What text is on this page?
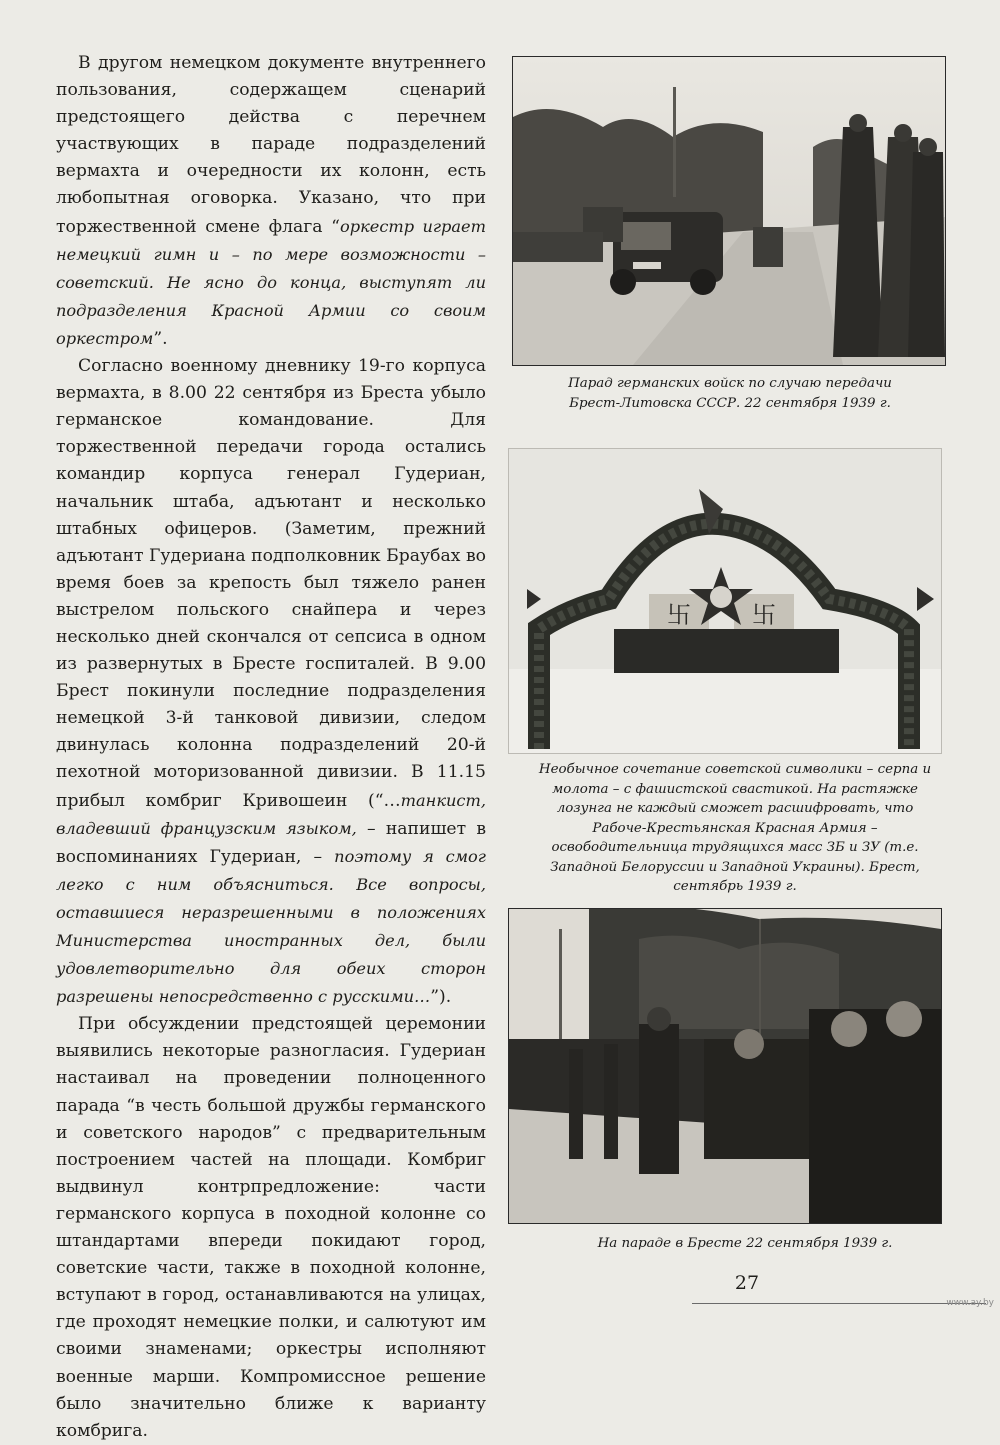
В другом немецком документе внутреннего пользования, содержащем сценарий предстоящего действа с перечнем участвующих в параде подразделений вермахта и очередности их колонн, есть любопытная оговорка. Указано, что при торжественной смене флага “оркестр играет немецкий гимн и – по мере возможности – советский. Не ясно до конца, выступят ли подразделения Красной Армии со своим оркестром”.

Согласно военному дневнику 19-го корпуса вермахта, в 8.00 22 сентября из Бреста убыло германское командование. Для торжественной передачи города остались командир корпуса генерал Гудериан, начальник штаба, адъютант и несколько штабных офицеров. (Заметим, прежний адъютант Гудериана подполковник Браубах во время боев за крепость был тяжело ранен выстрелом польского снайпера и через несколько дней скончался от сепсиса в одном из развернутых в Бресте госпиталей. В 9.00 Брест покинули последние подразделения немецкой 3-й танковой дивизии, следом двинулась колонна подразделений 20-й пехотной моторизованной дивизии. В 11.15 прибыл комбриг Кривошеин (“…танкист, владевший французским языком, – напишет в воспоминаниях Гудериан, – поэтому я смог легко с ним объясниться. Все вопросы, оставшиеся неразрешенными в положениях Министерства иностранных дел, были удовлетворительно для обеих сторон разрешены непосредственно с русскими…”).

При обсуждении предстоящей церемонии выявились некоторые разногласия. Гудериан настаивал на проведении полноценного парада “в честь большой дружбы германского и советского народов” с предварительным построением частей на площади. Комбриг выдвинул контрпредложение: части германского корпуса в походной колонне со штандартами впереди покидают город, советские части, также в походной колонне, вступают в город, останавливаются на улицах, где проходят немецкие полки, и салютуют им своими знаменами; оркестры исполняют военные марши. Компромиссное решение было значительно ближе к варианту комбрига.

Парад германских войск по случаю передачи Брест-Литовска СССР. 22 сентября 1939 г.
卐	卐
Необычное сочетание советской символики – серпа и молота – с фашистской свастикой. На растяжке лозунга не каждый сможет расшифровать, что Рабоче-Крестьянская Красная Армия – освободительница трудящихся масс ЗБ и ЗУ (т.е. Западной Белоруссии и Западной Украины). Брест, сентябрь 1939 г.
На параде в Бресте 22 сентября 1939 г.
27
www.ay.by
